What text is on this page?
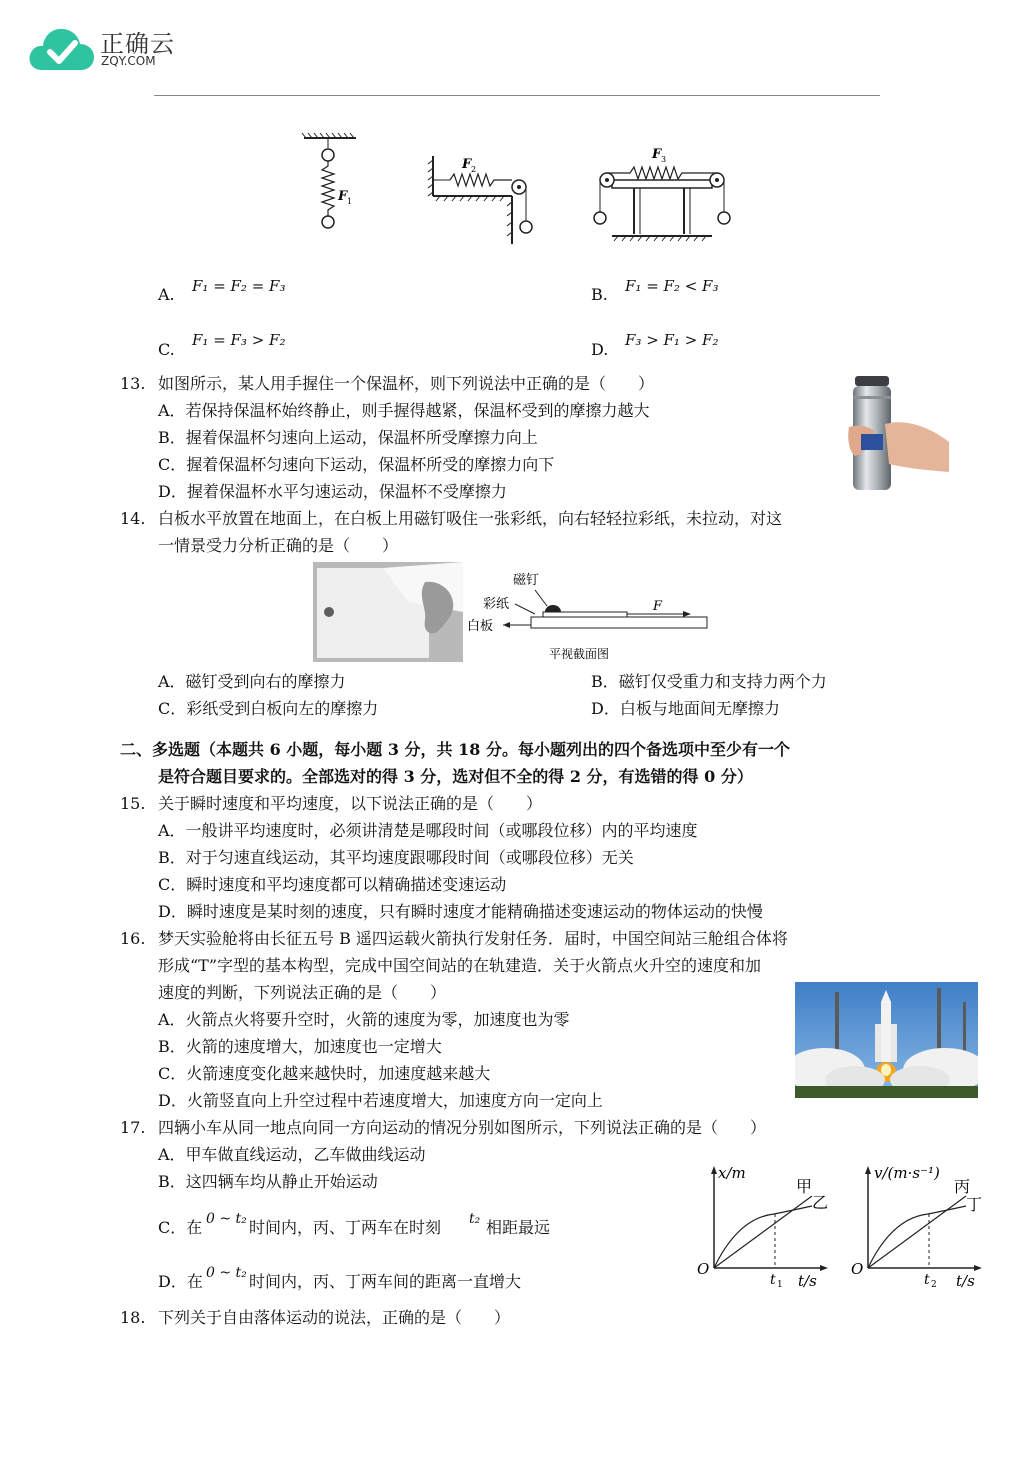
正确云
ZQY.COM
F 1
F 2
F 3
A. F₁ = F₂ = F₃	B. F₁ = F₂ < F₃
C. F₁ = F₃ > F₂	D. F₃ > F₁ > F₂
13. 如图所示，某人用手握住一个保温杯，则下列说法中正确的是（　　）
A．若保持保温杯始终静止，则手握得越紧，保温杯受到的摩擦力越大
B．握着保温杯匀速向上运动，保温杯所受摩擦力向上
C．握着保温杯匀速向下运动，保温杯所受的摩擦力向下
D．握着保温杯水平匀速运动，保温杯不受摩擦力
14. 白板水平放置在地面上，在白板上用磁钉吸住一张彩纸，向右轻轻拉彩纸，未拉动，对这
一情景受力分析正确的是（　　）
磁钉
彩纸
白板
F
平视截面图
A．磁钉受到向右的摩擦力	B．磁钉仅受重力和支持力两个力
C．彩纸受到白板向左的摩擦力	D．白板与地面间无摩擦力
二、多选题（本题共 6 小题，每小题 3 分，共 18 分。每小题列出的四个备选项中至少有一个
是符合题目要求的。全部选对的得 3 分，选对但不全的得 2 分，有选错的得 0 分）
15. 关于瞬时速度和平均速度，以下说法正确的是（　　）
A．一般讲平均速度时，必须讲清楚是哪段时间（或哪段位移）内的平均速度
B．对于匀速直线运动，其平均速度跟哪段时间（或哪段位移）无关
C．瞬时速度和平均速度都可以精确描述变速运动
D．瞬时速度是某时刻的速度，只有瞬时速度才能精确描述变速运动的物体运动的快慢
16. 梦天实验舱将由长征五号 B 遥四运载火箭执行发射任务．届时，中国空间站三舱组合体将
形成“T”字型的基本构型，完成中国空间站的在轨建造．关于火箭点火升空的速度和加
速度的判断，下列说法正确的是（　　）
A．火箭点火将要升空时，火箭的速度为零，加速度也为零
B．火箭的速度增大，加速度也一定增大
C．火箭速度变化越来越快时，加速度越来越大
D．火箭竖直向上升空过程中若速度增大，加速度方向一定向上
17. 四辆小车从同一地点向同一方向运动的情况分别如图所示，下列说法正确的是（　　）
A．甲车做直线运动，乙车做曲线运动
B．这四辆车均从静止开始运动
C．在 0 ~ t₂ 时间内，丙、丁两车在时刻 t₂ 相距最远
D．在 0 ~ t₂ 时间内，丙、丁两车间的距离一直增大
x/m
t/s
O
t 1
甲
乙
v/(m·s⁻¹)
t/s
O
t 2
丙
丁
18. 下列关于自由落体运动的说法，正确的是（　　）
